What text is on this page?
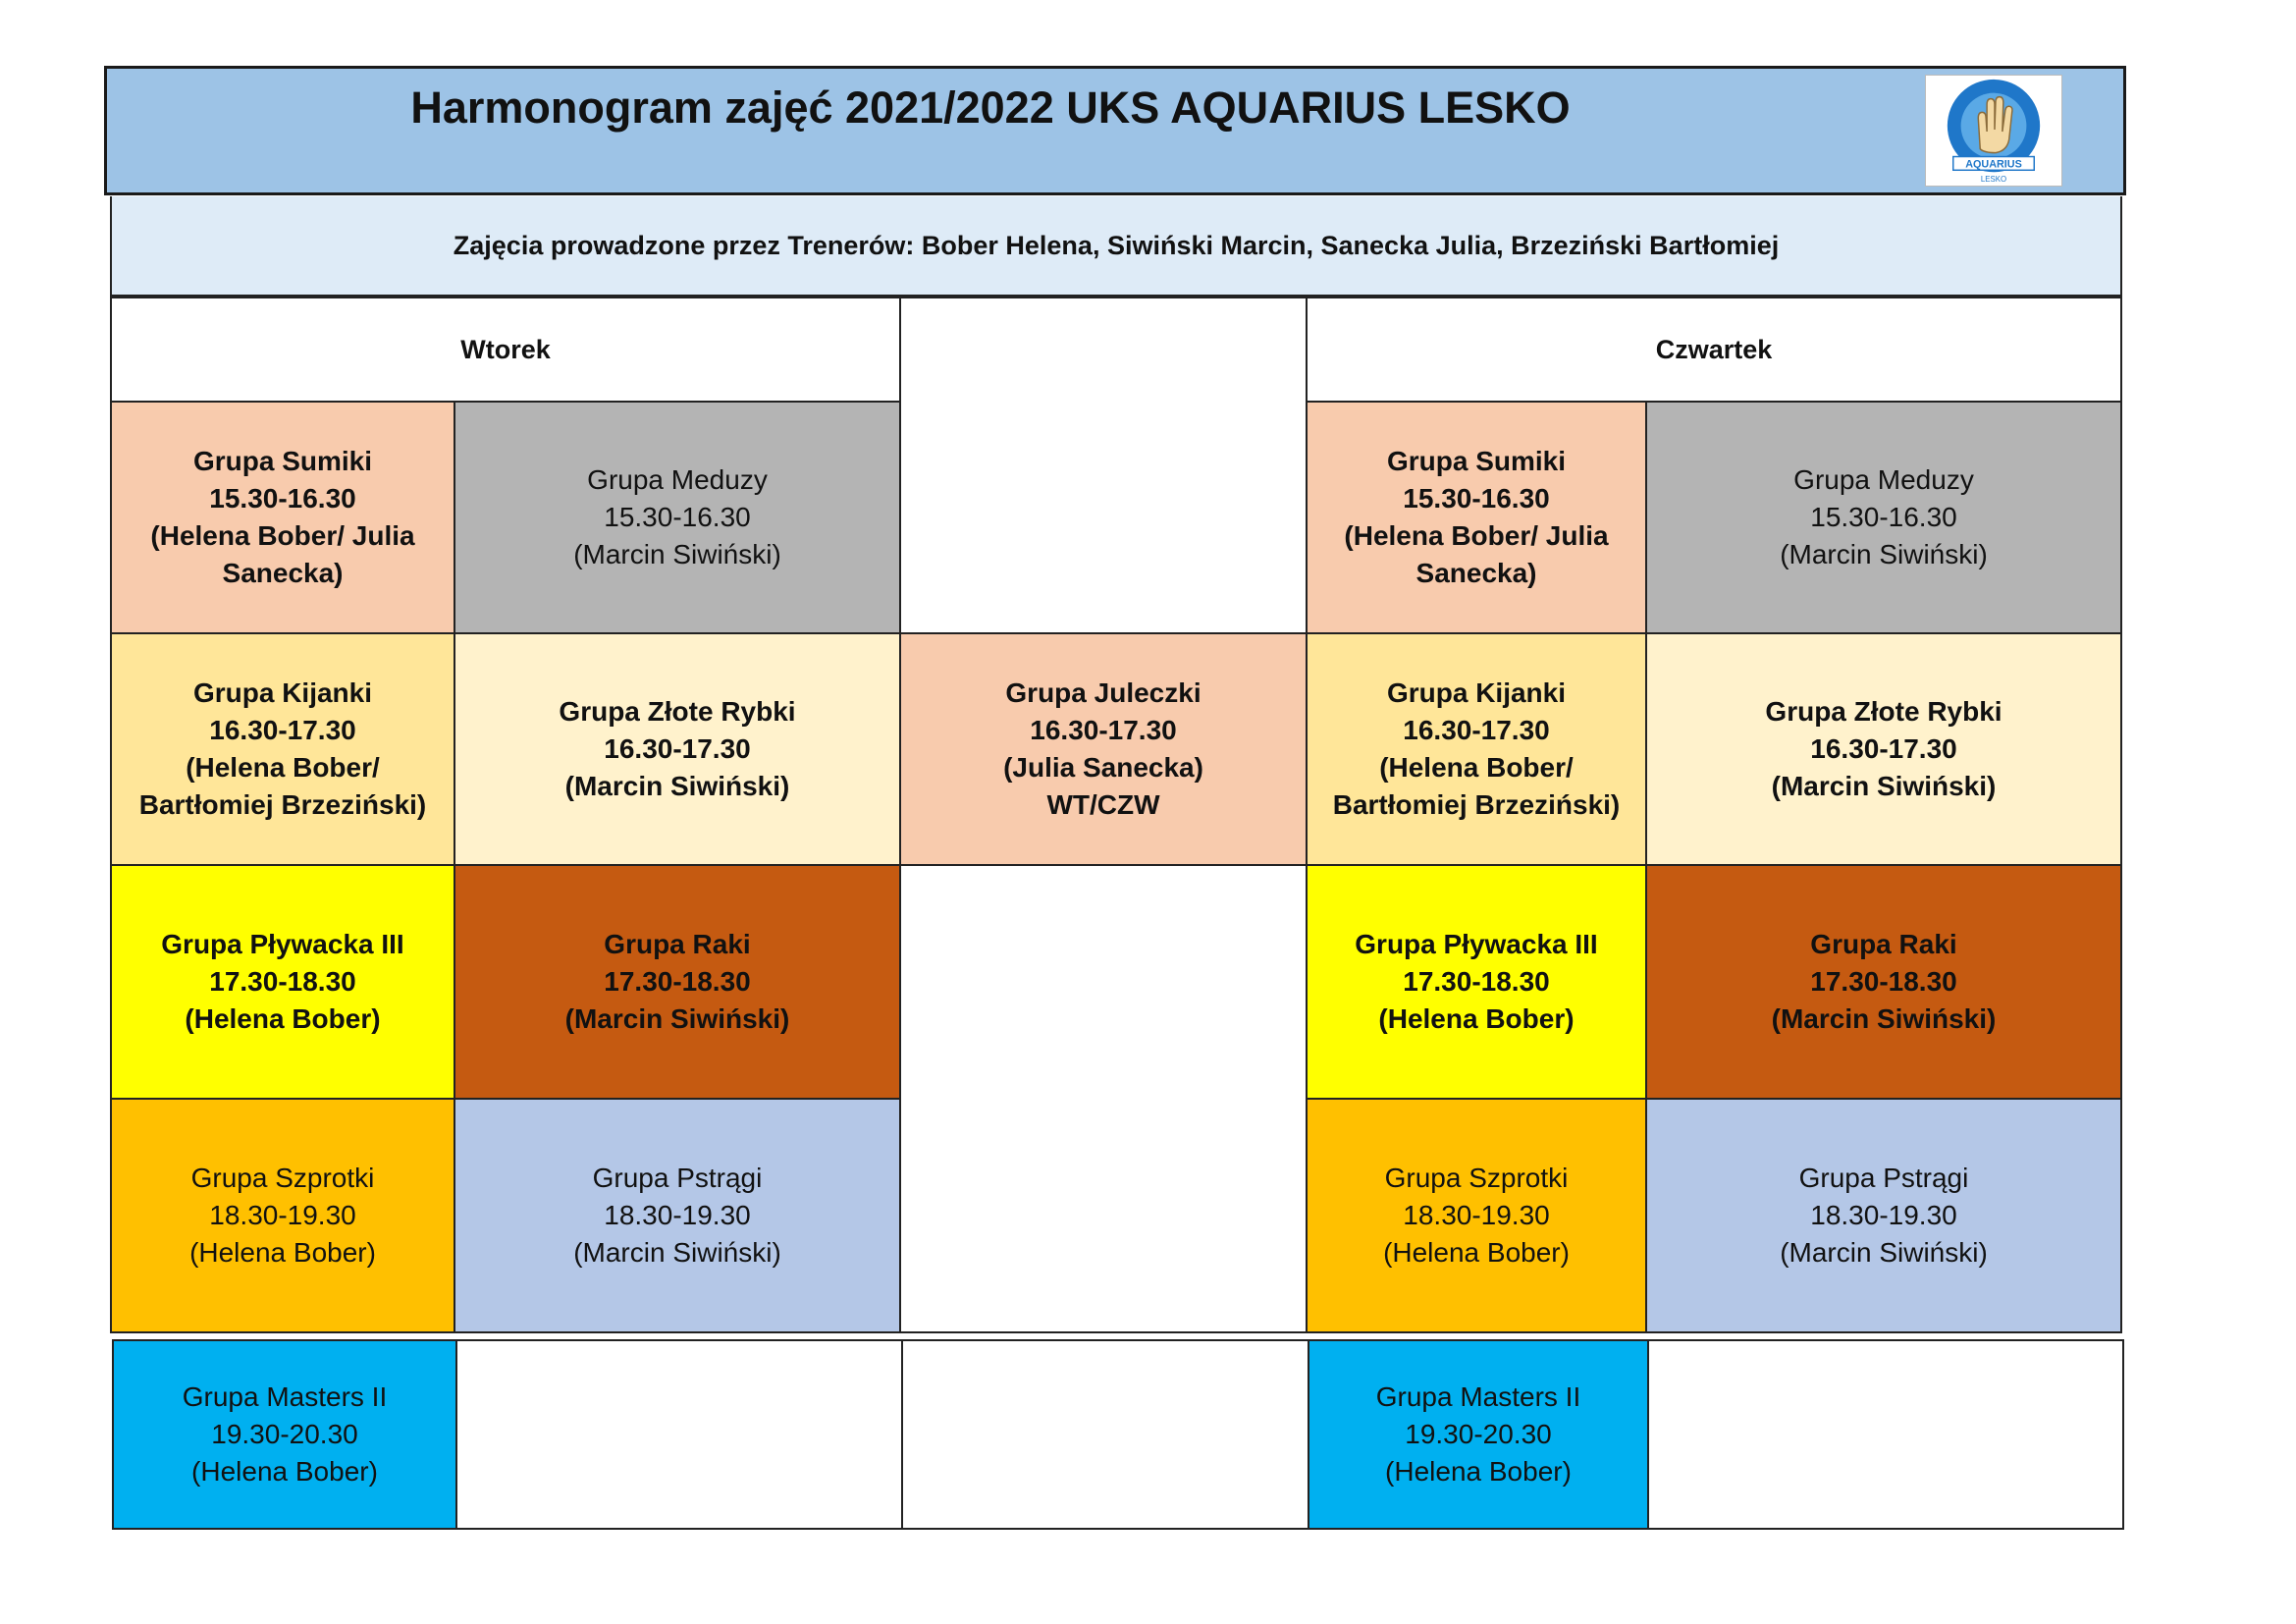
Harmonogram zajęć 2021/2022 UKS AQUARIUS LESKO
AQUARIUS
LESKO
Zajęcia prowadzone przez Trenerów: Bober Helena, Siwiński Marcin, Sanecka Julia, Brzeziński Bartłomiej
Wtorek	Czwartek
Grupa Sumiki
15.30-16.30
(Helena Bober/ Julia
Sanecka)
Grupa Meduzy
15.30-16.30
(Marcin Siwiński)
Grupa Sumiki
15.30-16.30
(Helena Bober/ Julia
Sanecka)
Grupa Meduzy
15.30-16.30
(Marcin Siwiński)
Grupa Kijanki
16.30-17.30
(Helena Bober/
Bartłomiej Brzeziński)
Grupa Złote Rybki
16.30-17.30
(Marcin Siwiński)
Grupa Juleczki
16.30-17.30
(Julia Sanecka)
WT/CZW
Grupa Kijanki
16.30-17.30
(Helena Bober/
Bartłomiej Brzeziński)
Grupa Złote Rybki
16.30-17.30
(Marcin Siwiński)
Grupa Pływacka III
17.30-18.30
(Helena Bober)
Grupa Raki
17.30-18.30
(Marcin Siwiński)
Grupa Pływacka III
17.30-18.30
(Helena Bober)
Grupa Raki
17.30-18.30
(Marcin Siwiński)
Grupa Szprotki
18.30-19.30
(Helena Bober)
Grupa Pstrągi
18.30-19.30
(Marcin Siwiński)
Grupa Szprotki
18.30-19.30
(Helena Bober)
Grupa Pstrągi
18.30-19.30
(Marcin Siwiński)
Grupa Masters II
19.30-20.30
(Helena Bober)
Grupa Masters II
19.30-20.30
(Helena Bober)
